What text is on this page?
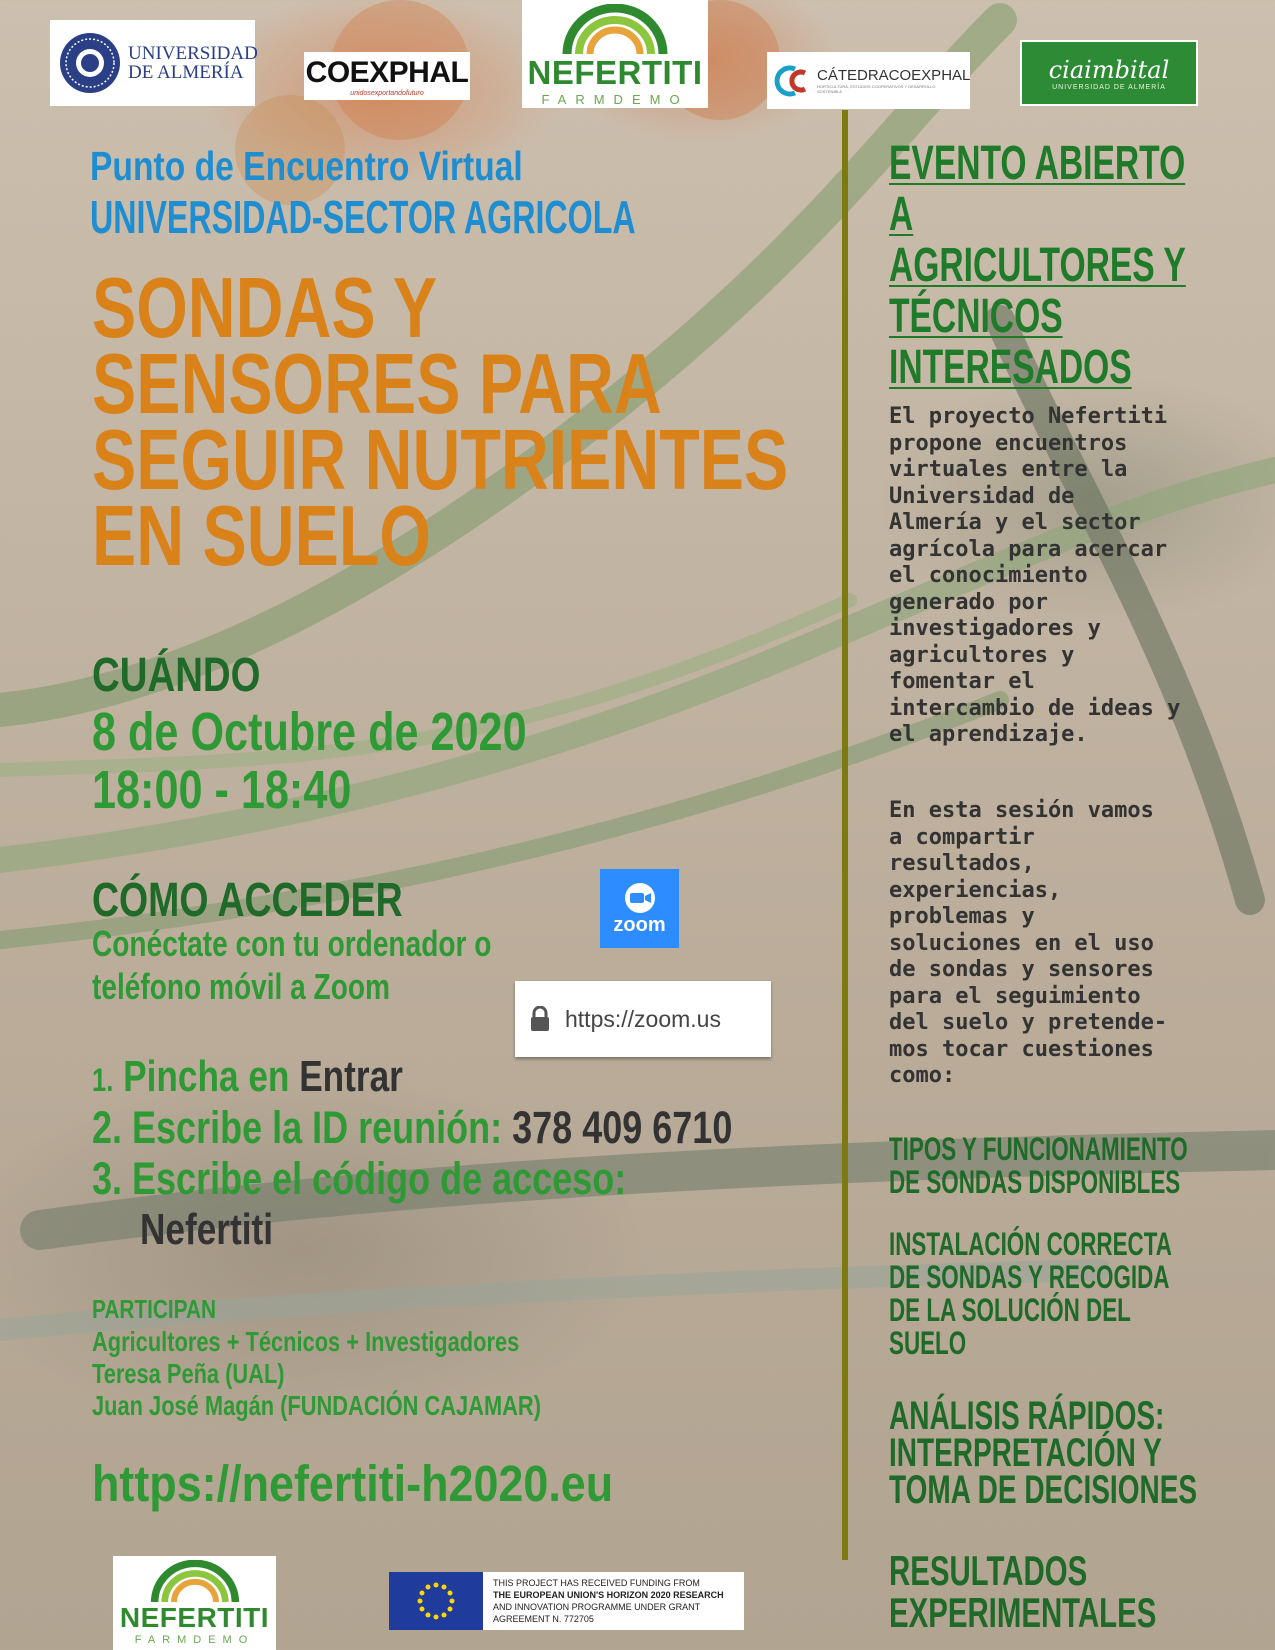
UNIVERSIDAD
DE ALMERÍA	COEXPHAL
unidosexportandofuturo
NEFERTITI
FARMDEMO
CÁTEDRACOEXPHAL
HORTICULTURA, ESTUDIOS COOPERATIVOS Y DESARROLLO SOSTENIBLE
ciaimbital
UNIVERSIDAD DE ALMERÍA
Punto de Encuentro Virtual
UNIVERSIDAD-SECTOR AGRICOLA
SONDAS Y
SENSORES PARA
SEGUIR NUTRIENTES
EN SUELO
CUÁNDO
8 de Octubre de 2020
18:00 - 18:40
CÓMO ACCEDER
Conéctate con tu ordenador o
teléfono móvil a Zoom
zoom
https://zoom.us
1. Pincha en Entrar
2. Escribe la ID reunión: 378 409 6710
3. Escribe el código de acceso:
Nefertiti
PARTICIPAN
Agricultores + Técnicos + Investigadores
Teresa Peña (UAL)
Juan José Magán (FUNDACIÓN CAJAMAR)
https://nefertiti-h2020.eu
NEFERTITI
FARMDEMO
THIS PROJECT HAS RECEIVED FUNDING FROM
THE EUROPEAN UNION'S HORIZON 2020 RESEARCH
AND INNOVATION PROGRAMME UNDER GRANT
AGREEMENT N. 772705
EVENTO ABIERTO
A
AGRICULTORES Y
TÉCNICOS
INTERESADOS
El proyecto Nefertiti
propone encuentros
virtuales entre la
Universidad de
Almería y el sector
agrícola para acercar
el conocimiento
generado por
investigadores y
agricultores y
fomentar el
intercambio de ideas y
el aprendizaje.
En esta sesión vamos
a compartir
resultados,
experiencias,
problemas y
soluciones en el uso
de sondas y sensores
para el seguimiento
del suelo y pretende-
mos tocar cuestiones
como:
TIPOS Y FUNCIONAMIENTO
DE SONDAS DISPONIBLES
INSTALACIÓN CORRECTA
DE SONDAS Y RECOGIDA
DE LA SOLUCIÓN DEL
SUELO
ANÁLISIS RÁPIDOS:
INTERPRETACIÓN Y
TOMA DE DECISIONES
RESULTADOS
EXPERIMENTALES
